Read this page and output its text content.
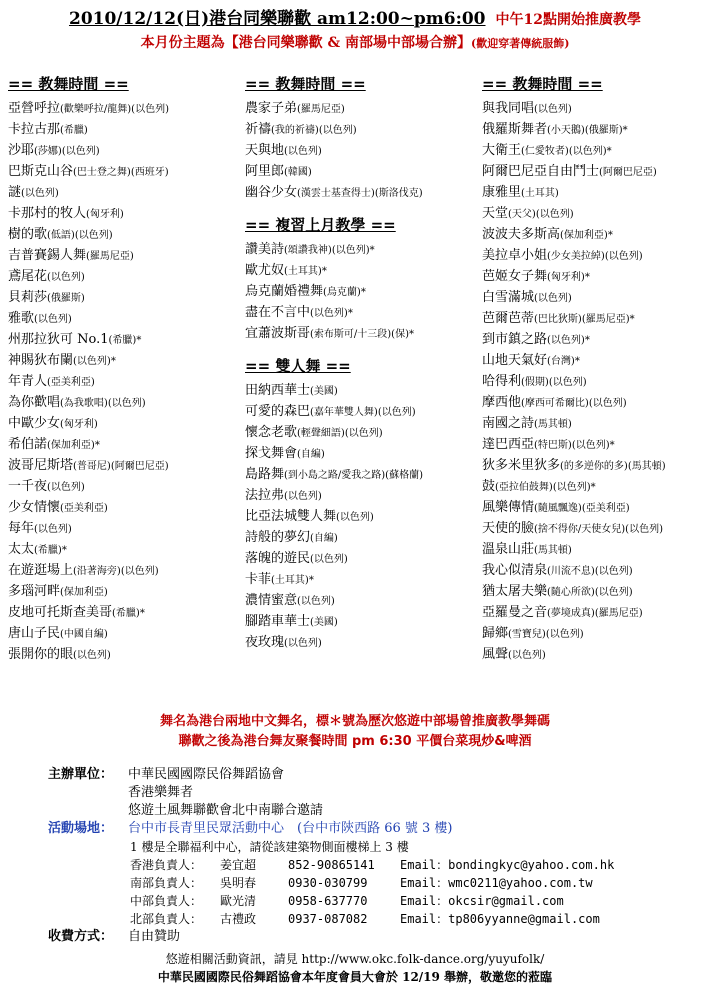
2010/12/12(日)港台同樂聯歡 am12:00~pm6:00 中午12點開始推廣教學
本月份主題為【港台同樂聯歡 & 南部場中部場合辦】(歡迎穿著傳統服飾)
== 教舞時間 ==
亞營呼拉(歡樂呼拉/龍舞)(以色列)
卡拉古那(希臘)
沙耶(莎娜)(以色列)
巴斯克山谷(巴士登之舞)(西班牙)
謎(以色列)
卡那村的牧人(匈牙利)
樹的歌(低語)(以色列)
吉普賽錫人舞(羅馬尼亞)
鳶尾花(以色列)
貝莉莎(俄羅斯)
雅歌(以色列)
州那拉狄可 No.1(希臘)*
神賜狄布闌(以色列)*
年青人(亞美利亞)
為你歡唱(為我歌唱)(以色列)
中歐少女(匈牙利)
希伯諾(保加利亞)*
波哥尼斯塔(普哥尼)(阿爾巴尼亞)
一千夜(以色列)
少女情懷(亞美利亞)
每年(以色列)
太太(希臘)*
在遊逛場上(沿著海旁)(以色列)
多瑙河畔(保加利亞)
皮地可托斯查美哥(希臘)*
唐山子民(中國自編)
張開你的眼(以色列)
== 教舞時間 ==
農家子弟(羅馬尼亞)
祈禱(我的祈禱)(以色列)
天與地(以色列)
阿里郎(韓國)
幽谷少女(漢雲士基查得士)(斯洛伐克)
== 複習上月教學 ==
讚美詩(頌讚我神)(以色列)*
歐尤奴(土耳其)*
烏克蘭婚禮舞(烏克蘭)*
盡在不言中(以色列)*
宜蕭波斯哥(索布斯可/十三段)(保)*
== 雙人舞 ==
田納西華士(美國)
可愛的森巴(嘉年華雙人舞)(以色列)
懷念老歌(輕聲細語)(以色列)
探戈舞會(自編)
島路舞(到小島之路/愛我之路)(蘇格蘭)
法拉弗(以色列)
比亞法城雙人舞(以色列)
詩般的夢幻(自編)
落魄的遊民(以色列)
卡菲(土耳其)*
濃情蜜意(以色列)
腳踏車華士(美國)
夜玫瑰(以色列)
== 教舞時間 ==
與我同唱(以色列)
俄羅斯舞者(小天鵝)(俄羅斯)*
大衛王(仁愛牧者)(以色列)*
阿爾巴尼亞自由鬥士(阿爾巴尼亞)
康雅里(土耳其)
天堂(天父)(以色列)
波波夫多斯高(保加利亞)*
美拉卓小姐(少女美拉綽)(以色列)
芭姬女子舞(匈牙利)*
白雪滿城(以色列)
芭爾芭蒂(巴比狄斯)(羅馬尼亞)*
到市鎮之路(以色列)*
山地天氣好(台灣)*
哈得利(假期)(以色列)
摩西他(摩西可希爾比)(以色列)
南國之詩(馬其頓)
達巴西亞(特巴斯)(以色列)*
狄多米里狄多(的多逆你的多)(馬其頓)
鼓(亞拉伯鼓舞)(以色列)*
風樂傳情(隨風飄逸)(亞美利亞)
天使的臉(捨不得你/天使女兒)(以色列)
溫泉山莊(馬其頓)
我心似清泉(川流不息)(以色列)
猶太屠夫樂(隨心所欲)(以色列)
亞羅曼之音(夢境成真)(羅馬尼亞)
歸鄉(雪寶兒)(以色列)
風聲(以色列)
舞名為港台兩地中文舞名，標＊號為歷次悠遊中部場曾推廣教學舞碼
聯歡之後為港台舞友聚餐時間 pm 6:30 平價台菜現炒&啤酒
主辦單位： 中華民國國際民俗舞蹈協會
香港樂舞者
悠遊土風舞聯歡會北中南聯合邀請
活動場地： 台中市長青里民眾活動中心　(台中市陝西路 66 號 3 樓)
1 樓是全聯福利中心，請從該建築物側面樓梯上 3 樓
香港負責人： 姜宜超	852-90865141 Email：bondingkyc@yahoo.com.hk
南部負責人： 吳明春	0930-030799	Email：wmc0211@yahoo.com.tw
中部負責人： 歐光清	0958-637770	Email：okcsir@gmail.com
北部負責人： 古禮政	0937-087082	Email：tp806yyanne@gmail.com
收費方式： 自由贊助
悠遊相關活動資訊，請見 http://www.okc.folk-dance.org/yuyufolk/
中華民國國際民俗舞蹈協會本年度會員大會於 12/19 舉辦，敬邀您的蒞臨
